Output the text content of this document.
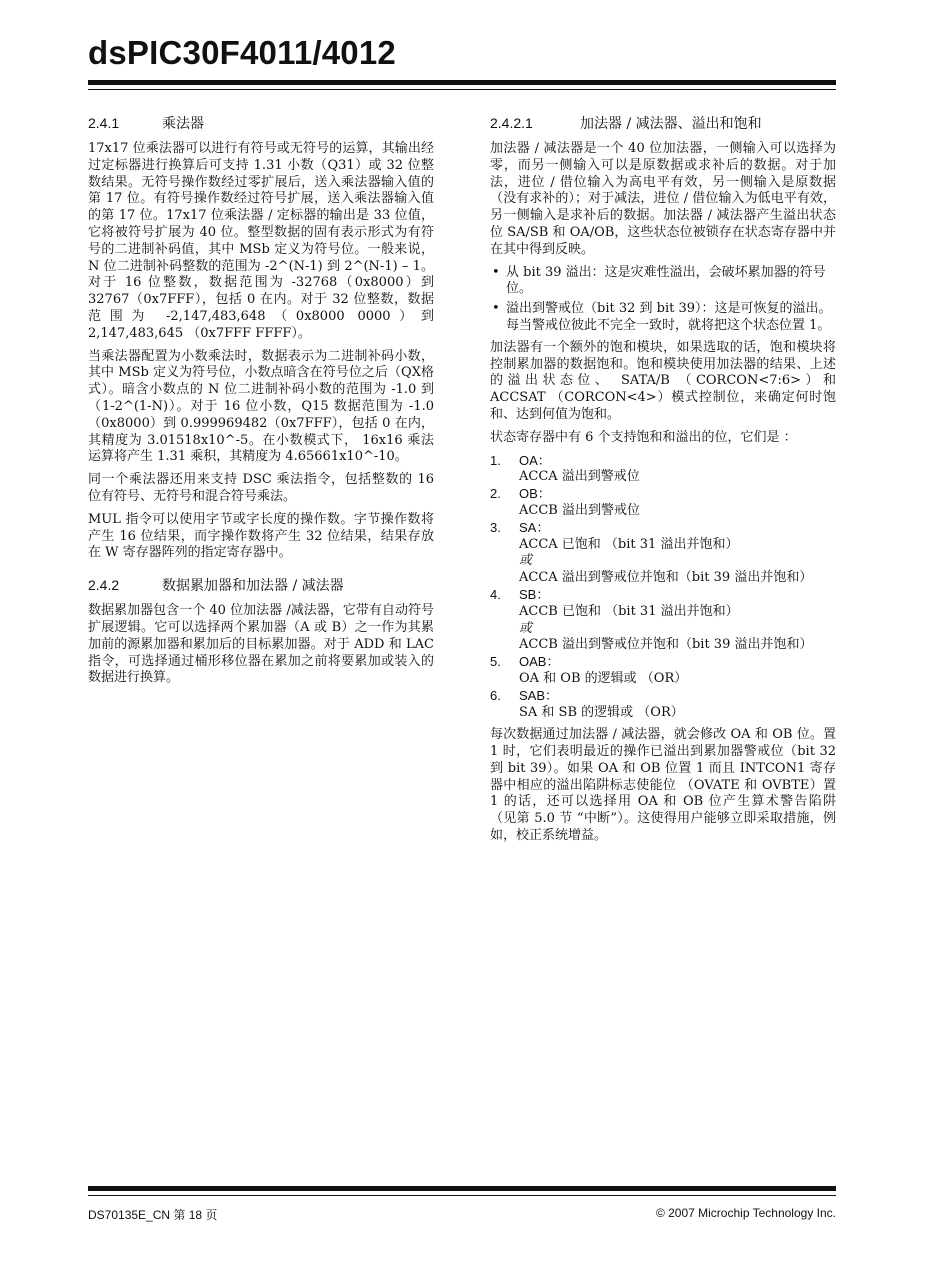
dsPIC30F4011/4012
2.4.1	乘法器

17x17 位乘法器可以进行有符号或无符号的运算，其输出经过定标器进行换算后可支持 1.31 小数（Q31）或 32 位整数结果。无符号操作数经过零扩展后，送入乘法器输入值的第 17 位。有符号操作数经过符号扩展，送入乘法器输入值的第 17 位。17x17 位乘法器 / 定标器的输出是 33 位值，它将被符号扩展为 40 位。整型数据的固有表示形式为有符号的二进制补码值，其中 MSb 定义为符号位。一般来说，N 位二进制补码整数的范围为 -2^(N-1) 到 2^(N-1) – 1。对于 16 位整数，数据范围为 -32768（0x8000）到 32767（0x7FFF），包括 0 在内。对于 32 位整数，数据范围为 -2,147,483,648（0x8000 0000）到 2,147,483,645 （0x7FFF FFFF）。

当乘法器配置为小数乘法时，数据表示为二进制补码小数，其中 MSb 定义为符号位，小数点暗含在符号位之后（QX格式）。暗含小数点的 N 位二进制补码小数的范围为 -1.0 到（1-2^(1-N)）。对于 16 位小数，Q15 数据范围为 -1.0（0x8000）到 0.999969482（0x7FFF），包括 0 在内，其精度为 3.01518x10^-5。在小数模式下， 16x16 乘法运算将产生 1.31 乘积，其精度为 4.65661x10^-10。

同一个乘法器还用来支持 DSC 乘法指令，包括整数的 16 位有符号、无符号和混合符号乘法。

MUL 指令可以使用字节或字长度的操作数。字节操作数将产生 16 位结果，而字操作数将产生 32 位结果，结果存放在 W 寄存器阵列的指定寄存器中。

2.4.2	数据累加器和加法器 / 减法器

数据累加器包含一个 40 位加法器 /减法器，它带有自动符号扩展逻辑。它可以选择两个累加器（A 或 B）之一作为其累加前的源累加器和累加后的目标累加器。对于 ADD 和 LAC 指令，可选择通过桶形移位器在累加之前将要累加或装入的数据进行换算。

2.4.2.1	加法器 / 减法器、溢出和饱和

加法器 / 减法器是一个 40 位加法器，一侧输入可以选择为零，而另一侧输入可以是原数据或求补后的数据。对于加法，进位 / 借位输入为高电平有效，另一侧输入是原数据（没有求补的）；对于减法，进位 / 借位输入为低电平有效，另一侧输入是求补后的数据。加法器 / 减法器产生溢出状态位 SA/SB 和 OA/OB，这些状态位被锁存在状态寄存器中并在其中得到反映。

• 从 bit 39 溢出：这是灾难性溢出，会破坏累加器的符号位。
• 溢出到警戒位（bit 32 到 bit 39）：这是可恢复的溢出。每当警戒位彼此不完全一致时，就将把这个状态位置 1。

加法器有一个额外的饱和模块，如果选取的话，饱和模块将控制累加器的数据饱和。饱和模块使用加法器的结果、上述的溢出状态位、 SATA/B （CORCON<7:6>）和 ACCSAT （CORCON<4>）模式控制位，来确定何时饱和、达到何值为饱和。

状态寄存器中有 6 个支持饱和和溢出的位，它们是 ：

1. OA：
ACCA 溢出到警戒位
2. OB：
ACCB 溢出到警戒位
3. SA：
ACCA 已饱和 （bit 31 溢出并饱和）
或
ACCA 溢出到警戒位并饱和（bit 39 溢出并饱和）
4. SB：
ACCB 已饱和 （bit 31 溢出并饱和）
或
ACCB 溢出到警戒位并饱和（bit 39 溢出并饱和）
5. OAB：
OA 和 OB 的逻辑或 （OR）
6. SAB：
SA 和 SB 的逻辑或 （OR）

每次数据通过加法器 / 减法器，就会修改 OA 和 OB 位。置 1 时，它们表明最近的操作已溢出到累加器警戒位（bit 32 到 bit 39）。如果 OA 和 OB 位置 1 而且 INTCON1 寄存器中相应的溢出陷阱标志使能位 （OVATE 和 OVBTE）置 1 的话，还可以选择用 OA 和 OB 位产生算术警告陷阱 （见第 5.0 节 “中断”）。这使得用户能够立即采取措施，例如，校正系统增益。

DS70135E_CN 第 18 页	© 2007 Microchip Technology Inc.
